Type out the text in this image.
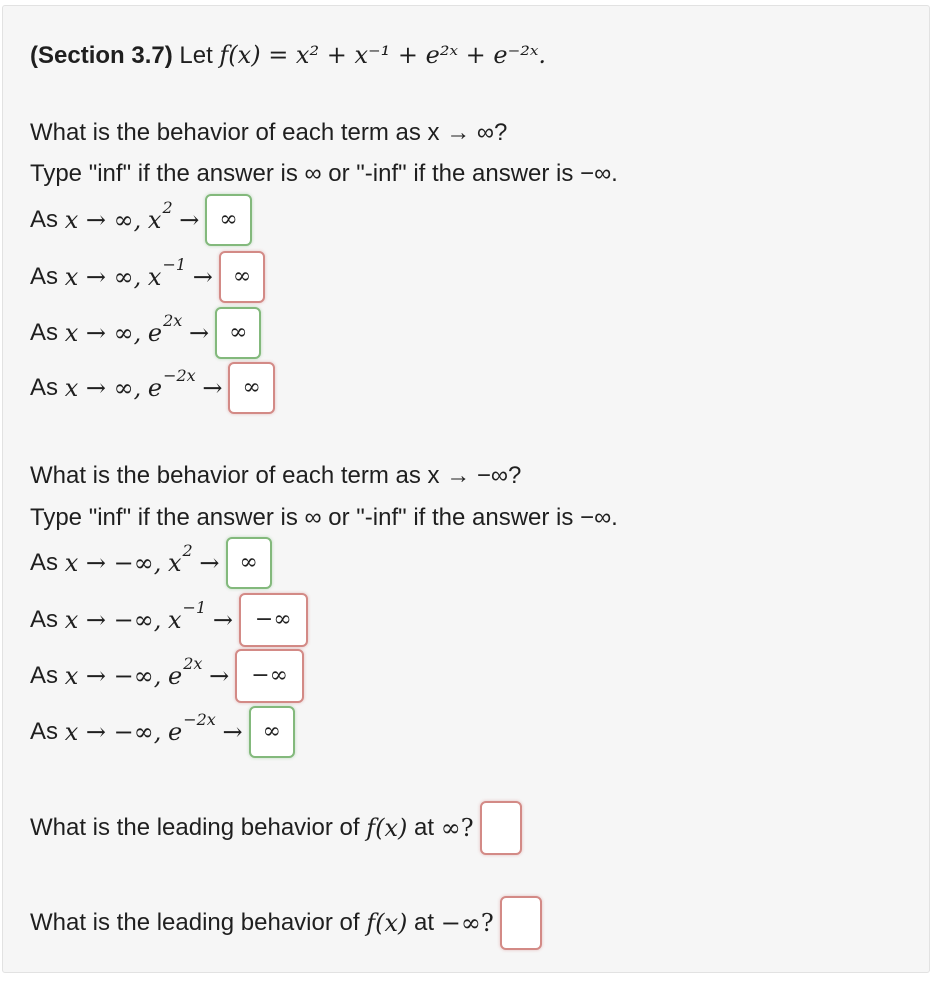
(Section 3.7) Let f(x) = x² + x⁻¹ + e²ˣ + e⁻²ˣ.
What is the behavior of each term as x → ∞?
Type "inf" if the answer is ∞ or "-inf" if the answer is −∞.
As
x → ∞,
x 2
→ ∞
As
x → ∞,
x −1
→ ∞
As
x → ∞,
e 2x
→ ∞
As
x → ∞,
e −2x
→ ∞
What is the behavior of each term as x → −∞?
Type "inf" if the answer is ∞ or "-inf" if the answer is −∞.
As
x → −∞,
x 2
→ ∞
As
x → −∞,
x −1
→	−∞
As
x → −∞,
e 2x
→	−∞
As
x → −∞,
e −2x
→ ∞
What is the leading behavior of
f(x)
at
∞?
What is the leading behavior of
f(x)
at
−∞?
